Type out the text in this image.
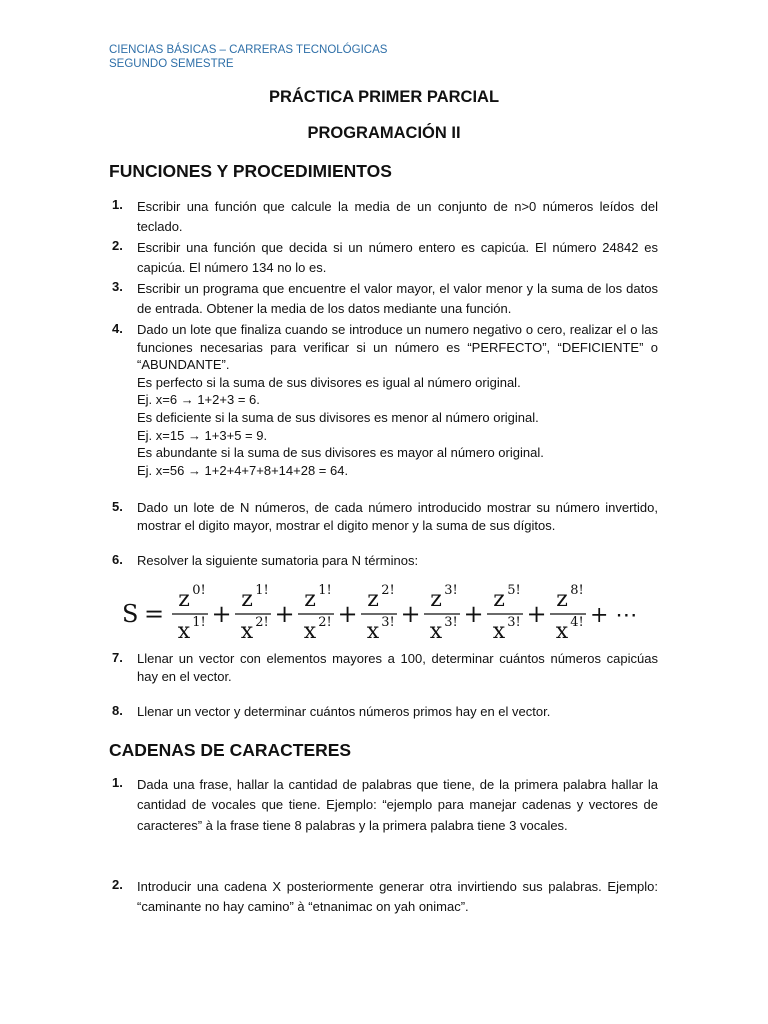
CIENCIAS BÁSICAS – CARRERAS TECNOLÓGICAS
SEGUNDO SEMESTRE
PRÁCTICA PRIMER PARCIAL
PROGRAMACIÓN II
FUNCIONES Y PROCEDIMIENTOS
1. Escribir una función que calcule la media de un conjunto de n>0 números leídos del teclado.
2. Escribir una función que decida si un número entero es capicúa. El número 24842 es capicúa. El número 134 no lo es.
3. Escribir un programa que encuentre el valor mayor, el valor menor y la suma de los datos de entrada. Obtener la media de los datos mediante una función.
4. Dado un lote que finaliza cuando se introduce un numero negativo o cero, realizar el o las funciones necesarias para verificar si un número es “PERFECTO”, “DEFICIENTE” o “ABUNDANTE”.
Es perfecto si la suma de sus divisores es igual al número original.
Ej. x=6 → 1+2+3 = 6.
Es deficiente si la suma de sus divisores es menor al número original.
Ej. x=15 → 1+3+5 = 9.
Es abundante si la suma de sus divisores es mayor al número original.
Ej. x=56 → 1+2+4+7+8+14+28 = 64.
5. Dado un lote de N números, de cada número introducido mostrar su número invertido, mostrar el digito mayor, mostrar el digito menor y la suma de sus dígitos.
6. Resolver la siguiente sumatoria para N términos:
S =
z 0!
x 1! +
z 1!
x 2! +
z 1!
x 2! +
z 2!
x 3! +
z 3!
x 3! +
z 5!
x 3! +
z 8!
x 4! + ⋯
7. Llenar un vector con elementos mayores a 100, determinar cuántos números capicúas hay en el vector.
8. Llenar un vector y determinar cuántos números primos hay en el vector.
CADENAS DE CARACTERES
1. Dada una frase, hallar la cantidad de palabras que tiene, de la primera palabra hallar la cantidad de vocales que tiene. Ejemplo: “ejemplo para manejar cadenas y vectores de caracteres” à la frase tiene 8 palabras y la primera palabra tiene 3 vocales.
2. Introducir una cadena X posteriormente generar otra invirtiendo sus palabras. Ejemplo: “caminante no hay camino” à “etnanimac on yah onimac”.
